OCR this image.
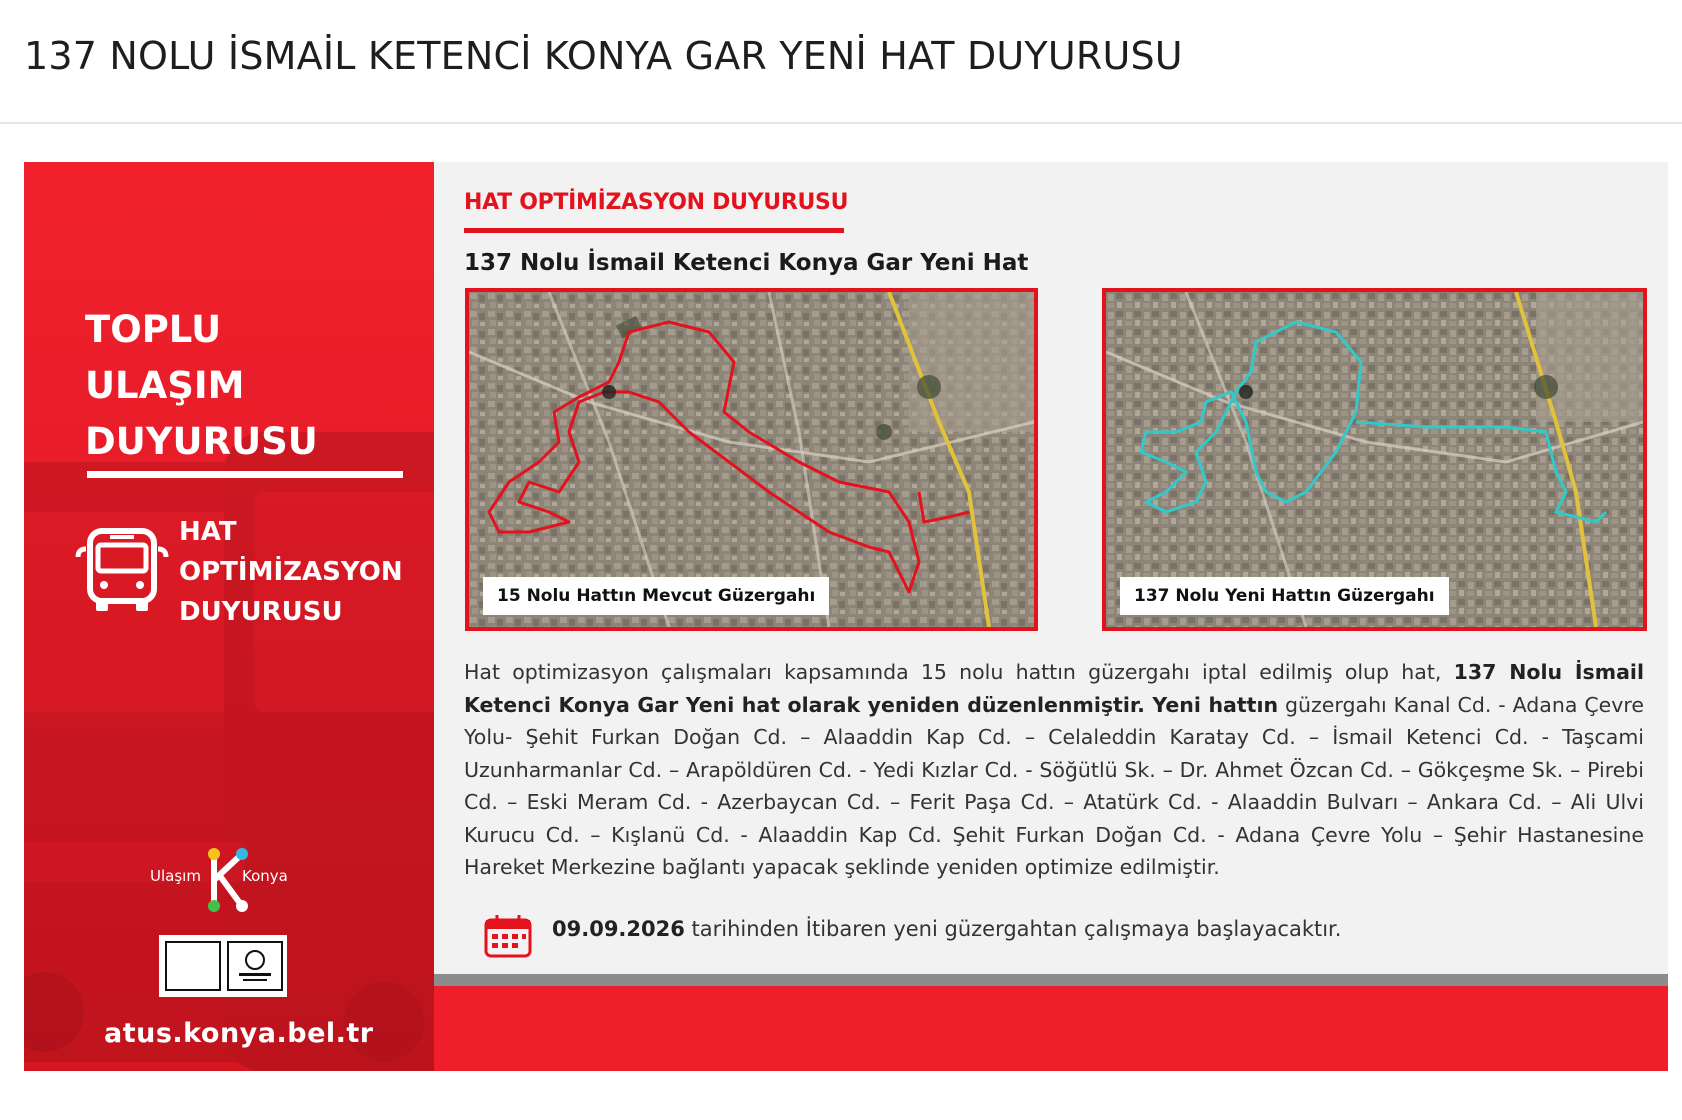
137 NOLU İSMAİL KETENCİ KONYA GAR YENİ HAT DUYURUSU
TOPLU
ULAŞIM
DUYURUSU
HAT
OPTİMİZASYON
DUYURUSU
Ulaşım	Konya
atus.konya.bel.tr
HAT OPTİMİZASYON DUYURUSU
137 Nolu İsmail Ketenci Konya Gar Yeni Hat
15 Nolu Hattın Mevcut Güzergahı	137 Nolu Yeni Hattın Güzergahı
Hat optimizasyon çalışmaları kapsamında 15 nolu hattın güzergahı iptal edilmiş olup hat, 137 Nolu İsmail Ketenci Konya Gar Yeni hat olarak yeniden düzenlenmiştir. Yeni hattın güzergahı Kanal Cd. - Adana Çevre Yolu- Şehit Furkan Doğan Cd. – Alaaddin Kap Cd. – Celaleddin Karatay Cd. – İsmail Ketenci Cd. - Taşcami Uzunharmanlar Cd. – Arapöldüren Cd. - Yedi Kızlar Cd. - Söğütlü Sk. – Dr. Ahmet Özcan Cd. – Gökçeşme Sk. – Pirebi Cd. – Eski Meram Cd. - Azerbaycan Cd. – Ferit Paşa Cd. – Atatürk Cd. - Alaaddin Bulvarı – Ankara Cd. – Ali Ulvi Kurucu Cd. – Kışlanü Cd. - Alaaddin Kap Cd. Şehit Furkan Doğan Cd. - Adana Çevre Yolu – Şehir Hastanesine Hareket Merkezine bağlantı yapacak şeklinde yeniden optimize edilmiştir.
09.09.2026 tarihinden İtibaren yeni güzergahtan çalışmaya başlayacaktır.
